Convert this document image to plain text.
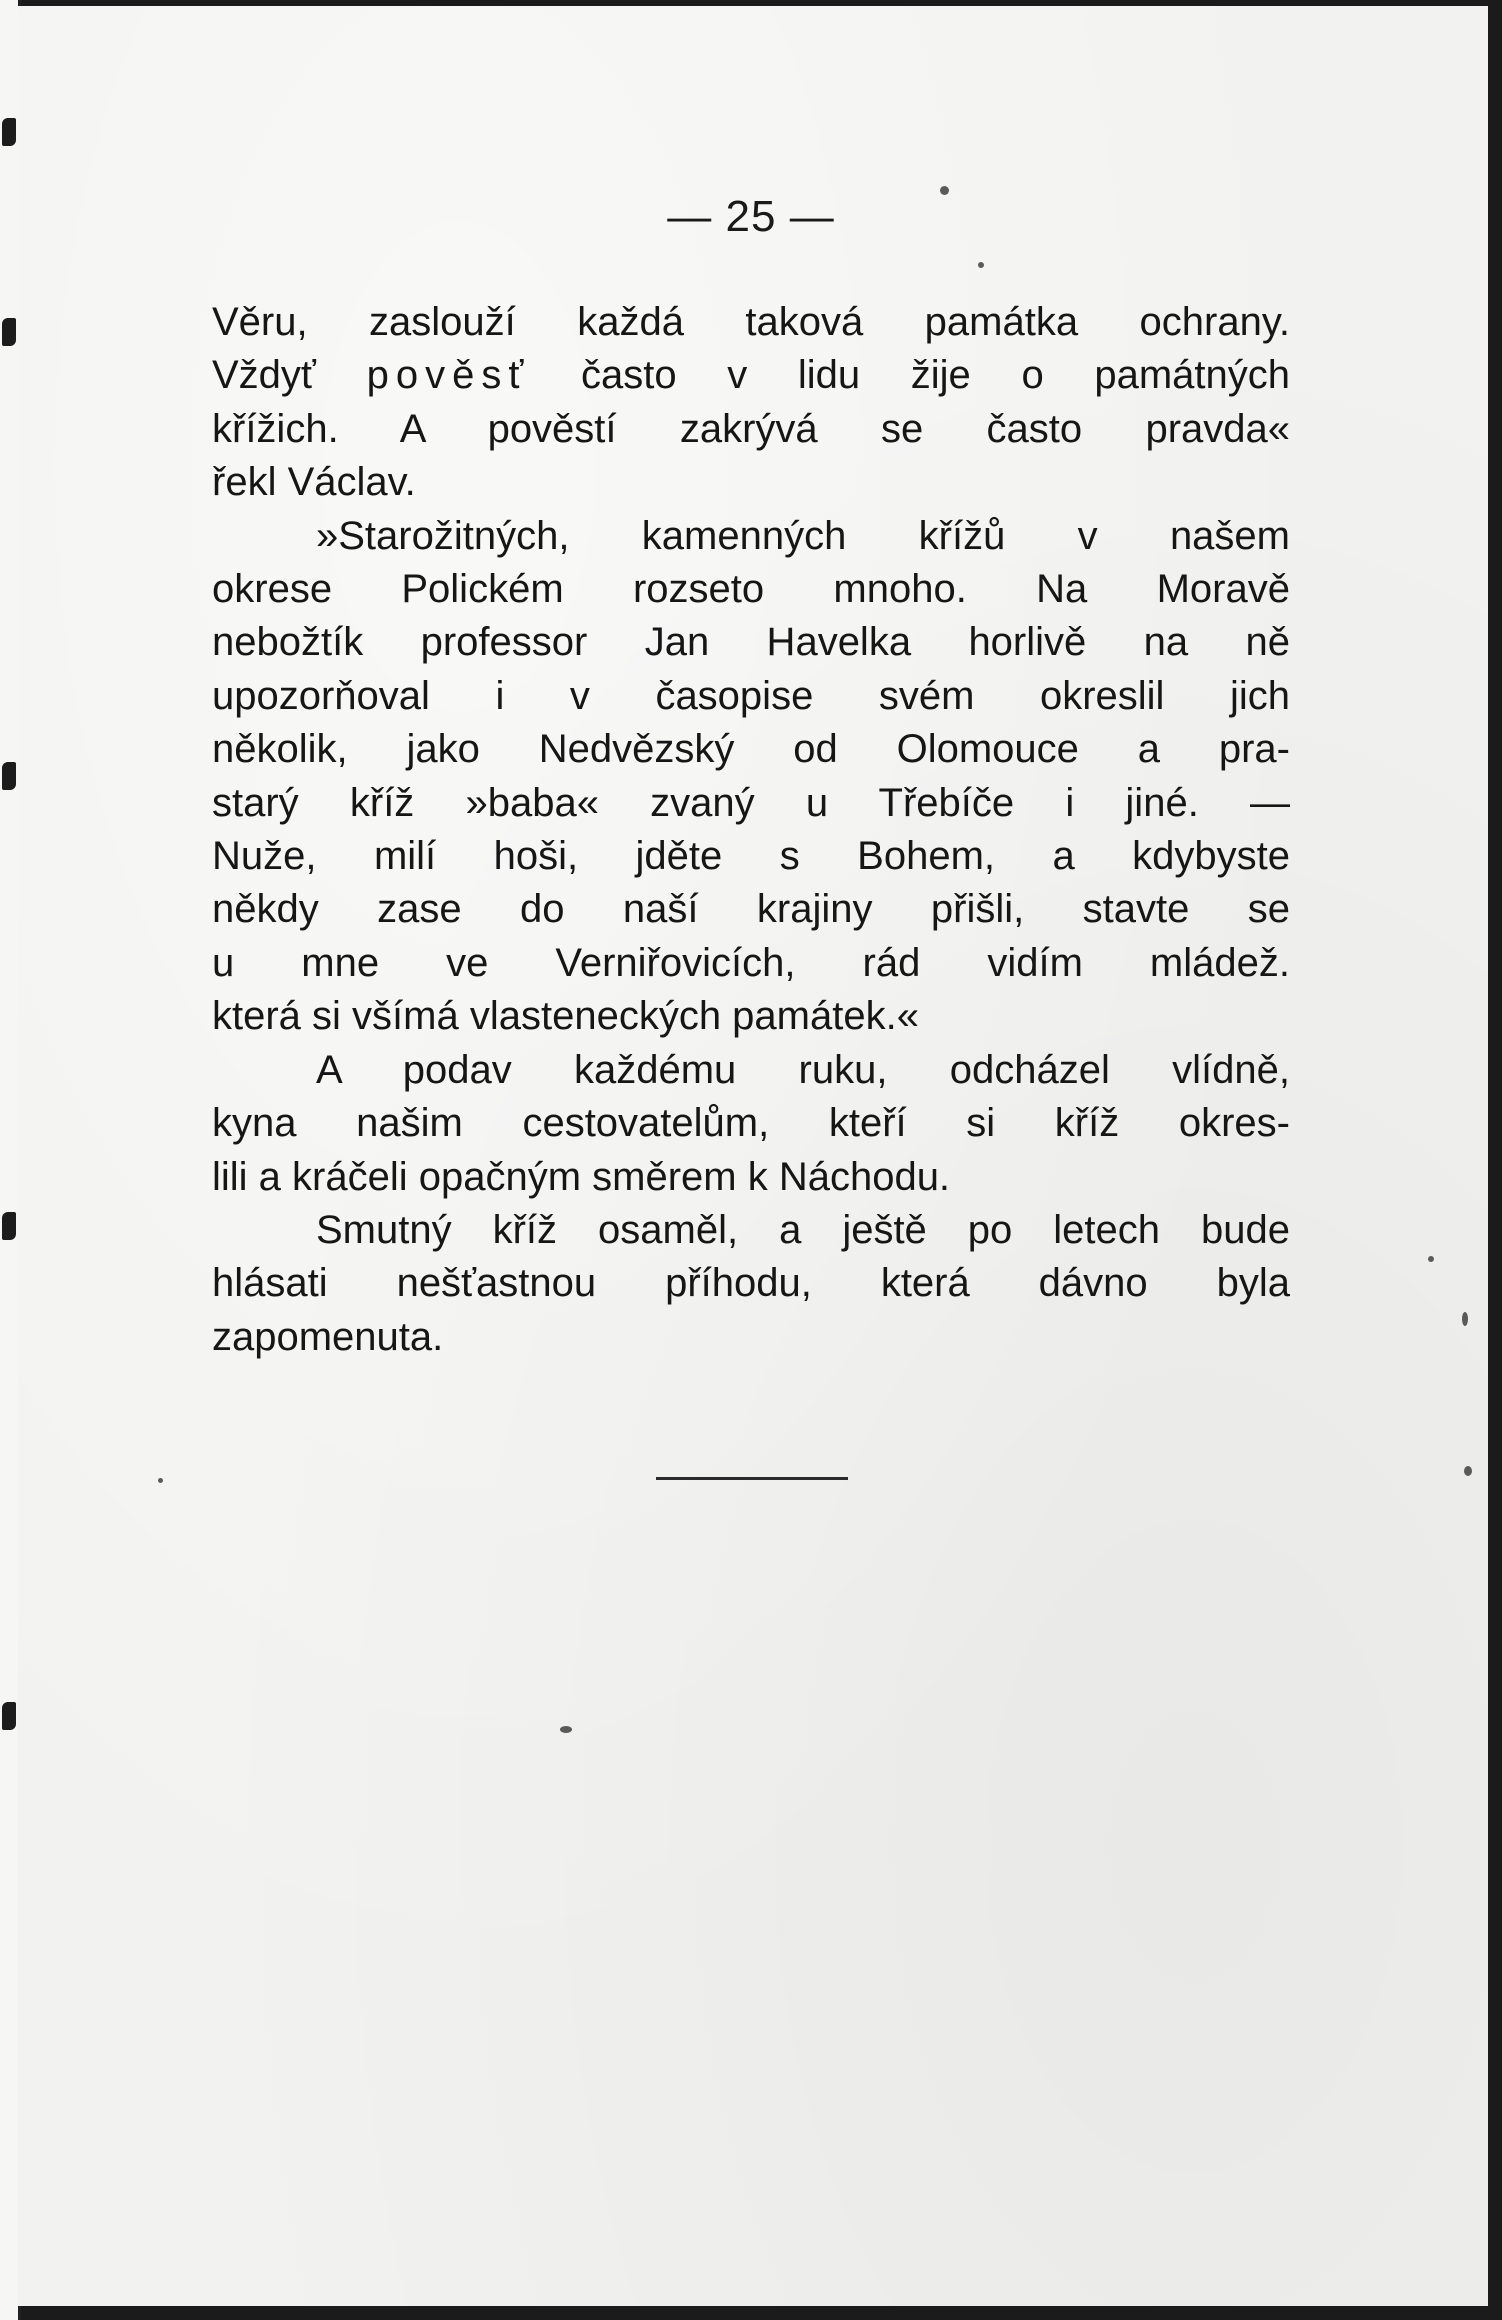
— 25 —
Věru, zaslouží každá taková památka ochrany.
Vždyť pověsť často v lidu žije o památných
křížich. A pověstí zakrývá se často pravda«
řekl Václav.
»Starožitných, kamenných křížů v našem
okrese Polickém rozseto mnoho. Na Moravě
nebožtík professor Jan Havelka horlivě na ně
upozorňoval i v časopise svém okreslil jich
několik, jako Nedvězský od Olomouce a pra-
starý kříž »baba« zvaný u Třebíče i jiné. —
Nuže, milí hoši, jděte s Bohem, a kdybyste
někdy zase do naší krajiny přišli, stavte se
u mne ve Verniřovicích, rád vidím mládež.
která si všímá vlasteneckých památek.«
A podav každému ruku, odcházel vlídně,
kyna našim cestovatelům, kteří si kříž okres-
lili a kráčeli opačným směrem k Náchodu.
Smutný kříž osaměl, a ještě po letech bude
hlásati nešťastnou příhodu, která dávno byla
zapomenuta.
